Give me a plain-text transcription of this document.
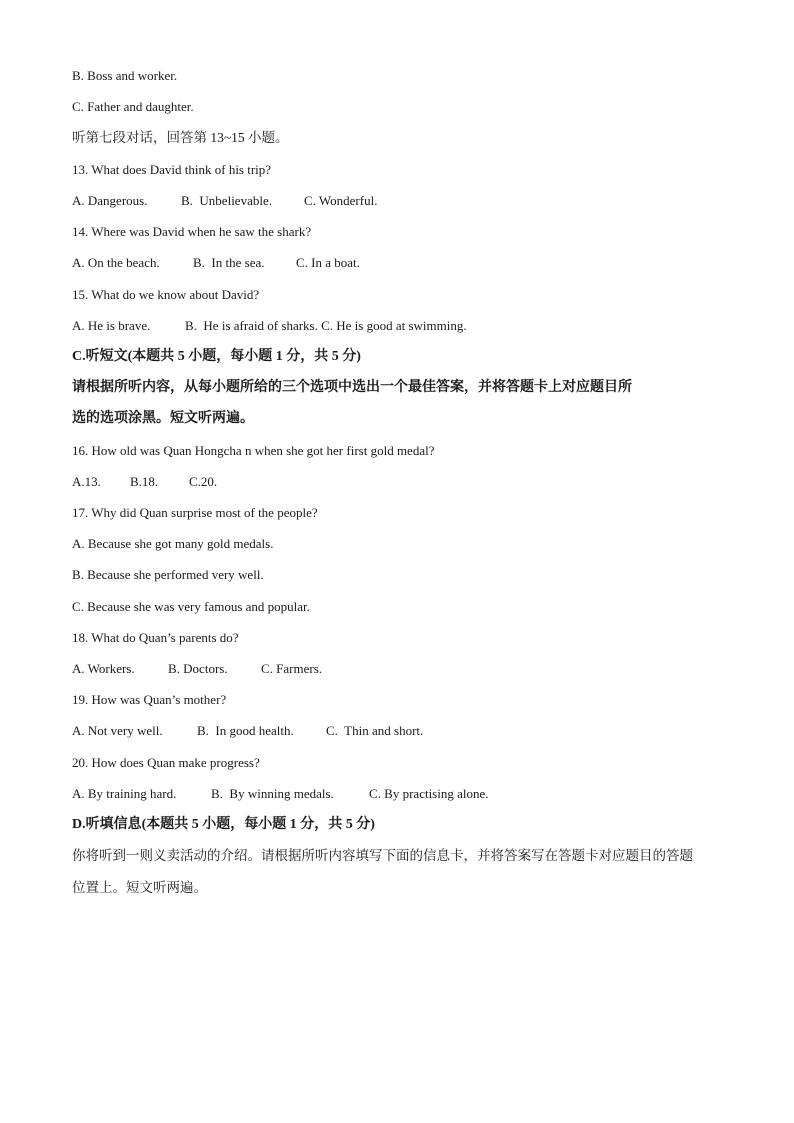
B. Boss and worker.
C. Father and daughter.
听第七段对话，回答第 13~15 小题。
13. What does David think of his trip?
A. Dangerous.	B.  Unbelievable.	C. Wonderful.
14. Where was David when he saw the shark?
A. On the beach.	B.  In the sea.	C. In a boat.
15. What do we know about David?
A. He is brave.	B.  He is afraid of sharks. C. He is good at swimming.
C.听短文(本题共 5 小题，每小题 1 分，共 5 分)
请根据所听内容，从每小题所给的三个选项中选出一个最佳答案，并将答题卡上对应题目所
选的选项涂黑。短文听两遍。
16. How old was Quan Hongcha n when she got her first gold medal?
A.13.	B.18.	C.20.
17. Why did Quan surprise most of the people?
A. Because she got many gold medals.
B. Because she performed very well.
C. Because she was very famous and popular.
18. What do Quan’s parents do?
A. Workers.	B. Doctors.	C. Farmers.
19. How was Quan’s mother?
A. Not very well.	B.  In good health.	C.  Thin and short.
20. How does Quan make progress?
A. By training hard.	B.  By winning medals.	C. By practising alone.
D.听填信息(本题共 5 小题，每小题 1 分，共 5 分)
你将听到一则义卖活动的介绍。请根据所听内容填写下面的信息卡，并将答案写在答题卡对应题目的答题
位置上。短文听两遍。
